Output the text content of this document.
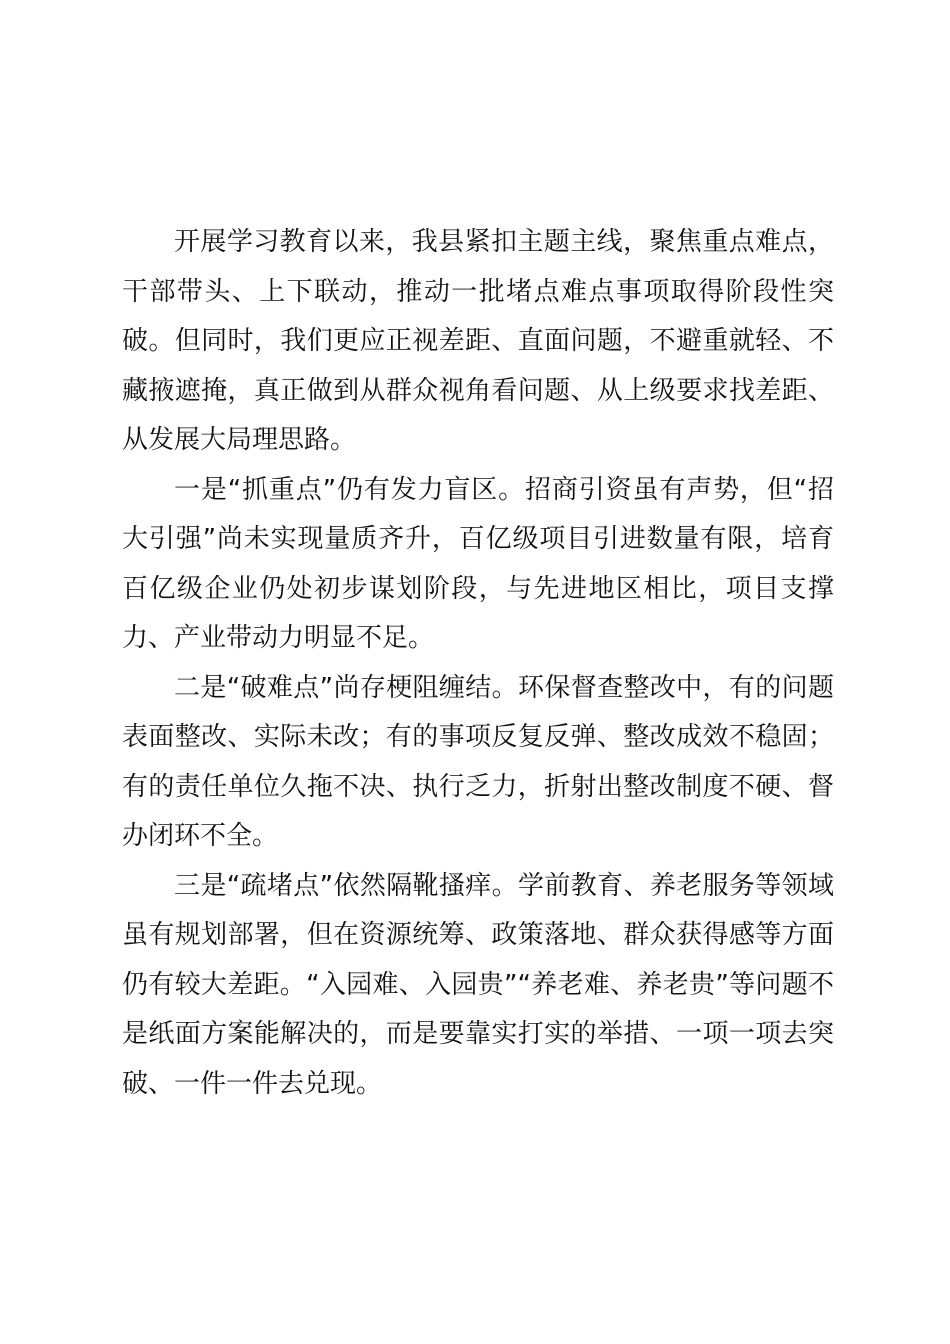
开展学习教育以来，我县紧扣主题主线，聚焦重点难点，干部带头、上下联动，推动一批堵点难点事项取得阶段性突破。但同时，我们更应正视差距、直面问题，不避重就轻、不藏掖遮掩，真正做到从群众视角看问题、从上级要求找差距、从发展大局理思路。

一是“抓重点”仍有发力盲区。招商引资虽有声势，但“招大引强”尚未实现量质齐升，百亿级项目引进数量有限，培育百亿级企业仍处初步谋划阶段，与先进地区相比，项目支撑力、产业带动力明显不足。

二是“破难点”尚存梗阻缠结。环保督查整改中，有的问题表面整改、实际未改；有的事项反复反弹、整改成效不稳固；有的责任单位久拖不决、执行乏力，折射出整改制度不硬、督办闭环不全。

三是“疏堵点”依然隔靴搔痒。学前教育、养老服务等领域虽有规划部署，但在资源统筹、政策落地、群众获得感等方面仍有较大差距。“入园难、入园贵”“养老难、养老贵”等问题不是纸面方案能解决的，而是要靠实打实的举措、一项一项去突破、一件一件去兑现。
